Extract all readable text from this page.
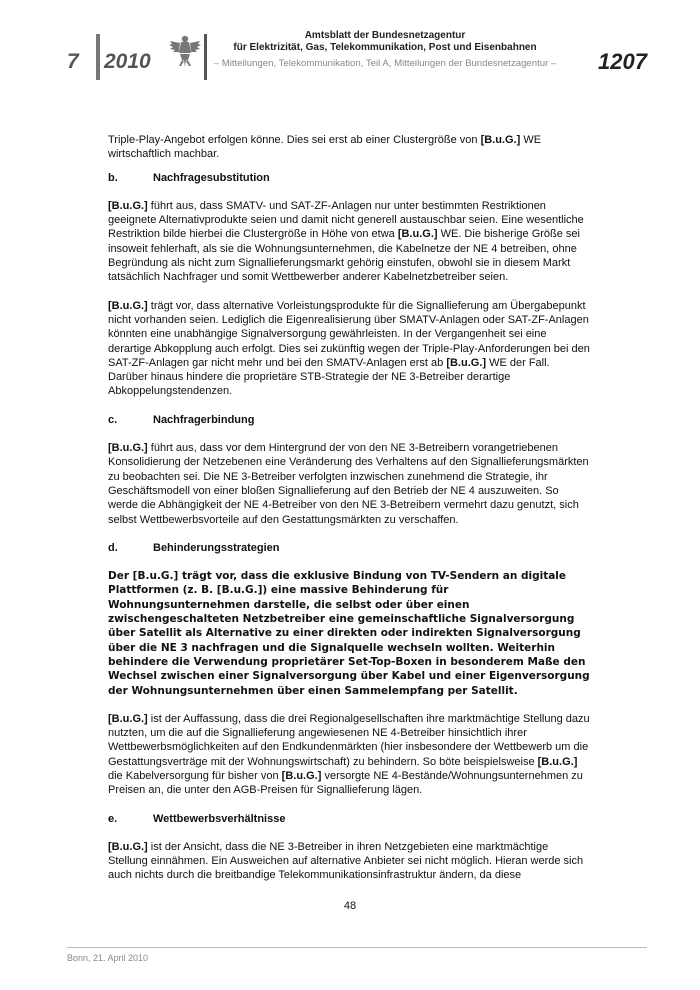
7 2010
Amtsblatt der Bundesnetzagentur
für Elektrizität, Gas, Telekommunikation, Post und Eisenbahnen
– Mitteilungen, Telekommunikation, Teil A, Mitteilungen der Bundesnetzagentur – 1207

Triple-Play-Angebot erfolgen könne. Dies sei erst ab einer Clustergröße von [B.u.G.] WE wirtschaftlich machbar.

b.	Nachfragesubstitution

[B.u.G.] führt aus, dass SMATV- und SAT-ZF-Anlagen nur unter bestimmten Restriktionen geeignete Alternativprodukte seien und damit nicht generell austauschbar seien. Eine wesentliche Restriktion bilde hierbei die Clustergröße in Höhe von etwa [B.u.G.] WE. Die bisherige Größe sei insoweit fehlerhaft, als sie die Wohnungsunternehmen, die Kabelnetze der NE 4 betreiben, ohne Begründung als nicht zum Signallieferungsmarkt gehörig einstufen, obwohl sie in diesem Markt tatsächlich Nachfrager und somit Wettbewerber anderer Kabelnetzbetreiber seien.

[B.u.G.] trägt vor, dass alternative Vorleistungsprodukte für die Signallieferung am Übergabepunkt nicht vorhanden seien. Lediglich die Eigenrealisierung über SMATV-Anlagen oder SAT-ZF-Anlagen könnten eine unabhängige Signalversorgung gewährleisten. In der Vergangenheit sei eine derartige Abkopplung auch erfolgt. Dies sei zukünftig wegen der Triple-Play-Anforderungen bei den SAT-ZF-Anlagen gar nicht mehr und bei den SMATV-Anlagen erst ab [B.u.G.] WE der Fall. Darüber hinaus hindere die proprietäre STB-Strategie der NE 3-Betreiber derartige Abkoppelungstendenzen.

c.	Nachfragerbindung

[B.u.G.] führt aus, dass vor dem Hintergrund der von den NE 3-Betreibern vorangetriebenen Konsolidierung der Netzebenen eine Veränderung des Verhaltens auf den Signallieferungsmärkten zu beobachten sei. Die NE 3-Betreiber verfolgten inzwischen zunehmend die Strategie, ihr Geschäftsmodell von einer bloßen Signallieferung auf den Betrieb der NE 4 auszuweiten. So werde die Abhängigkeit der NE 4-Betreiber von den NE 3-Betreibern vermehrt dazu genutzt, sich selbst Wettbewerbsvorteile auf den Gestattungsmärkten zu verschaffen.

d.	Behinderungsstrategien

Der [B.u.G.] trägt vor, dass die exklusive Bindung von TV-Sendern an digitale Plattformen (z. B. [B.u.G.]) eine massive Behinderung für Wohnungsunternehmen darstelle, die selbst oder über einen zwischengeschalteten Netzbetreiber eine gemeinschaftliche Signalversorgung über Satellit als Alternative zu einer direkten oder indirekten Signalversorgung über die NE 3 nachfragen und die Signalquelle wechseln wollten. Weiterhin behindere die Verwendung proprietärer Set-Top-Boxen in besonderem Maße den Wechsel zwischen einer Signalversorgung über Kabel und einer Eigenversorgung der Wohnungsunternehmen über einen Sammelempfang per Satellit.

[B.u.G.] ist der Auffassung, dass die drei Regionalgesellschaften ihre marktmächtige Stellung dazu nutzten, um die auf die Signallieferung angewiesenen NE 4-Betreiber hinsichtlich ihrer Wettbewerbsmöglichkeiten auf den Endkundenmärkten (hier insbesondere der Wettbewerb um die Gestattungsverträge mit der Wohnungswirtschaft) zu behindern. So böte beispielsweise [B.u.G.] die Kabelversorgung für bisher von [B.u.G.] versorgte NE 4-Bestände/Wohnungsunternehmen zu Preisen an, die unter den AGB-Preisen für Signallieferung lägen.

e.	Wettbewerbsverhältnisse

[B.u.G.] ist der Ansicht, dass die NE 3-Betreiber in ihren Netzgebieten eine marktmächtige Stellung einnähmen. Ein Ausweichen auf alternative Anbieter sei nicht möglich. Hieran werde sich auch nichts durch die breitbandige Telekommunikationsinfrastruktur ändern, da diese

48
Bonn, 21. April 2010
